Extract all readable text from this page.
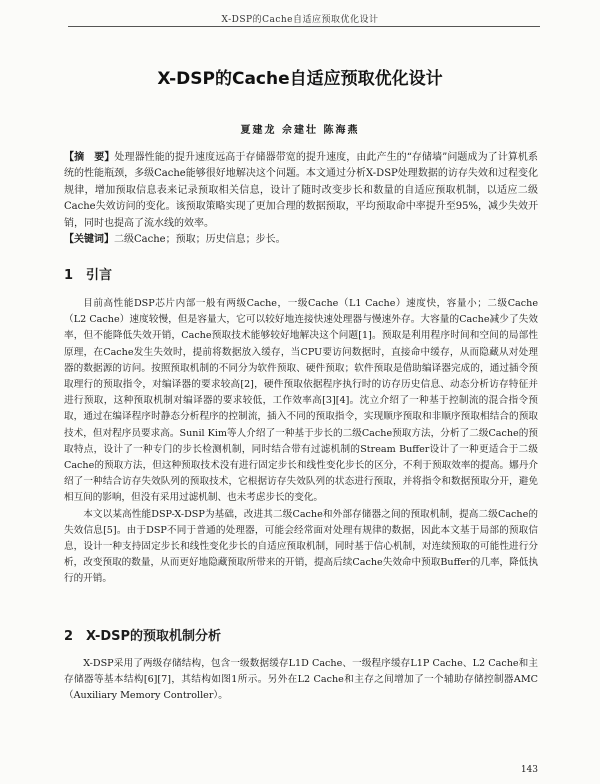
X-DSP的Cache自适应预取优化设计
X-DSP的Cache自适应预取优化设计
夏建龙 佘建壮 陈海燕
【摘　要】处理器性能的提升速度远高于存储器带宽的提升速度，由此产生的“存储墙”问题成为了计算机系统的性能瓶颈，多级Cache能够很好地解决这个问题。本文通过分析X-DSP处理数据的访存失效和过程变化规律，增加预取信息表来记录预取相关信息，设计了随时改变步长和数量的自适应预取机制，以适应二级Cache失效访问的变化。该预取策略实现了更加合理的数据预取，平均预取命中率提升至95%，减少失效开销，同时也提高了流水线的效率。
【关键词】二级Cache；预取；历史信息；步长。
1 引言

目前高性能DSP芯片内部一般有两级Cache，一级Cache（L1 Cache）速度快，容量小；二级Cache（L2 Cache）速度较慢，但是容量大，它可以较好地连接快速处理器与慢速外存。大容量的Cache减少了失效率，但不能降低失效开销，Cache预取技术能够较好地解决这个问题[1]。预取是利用程序时间和空间的局部性原理，在Cache发生失效时，提前将数据放入缓存，当CPU要访问数据时，直接命中缓存，从而隐藏从对处理器的数据源的访问。按照预取机制的不同分为软件预取、硬件预取；软件预取是借助编译器完成的，通过插令预取理行的预取指令，对编译器的要求较高[2]，硬件预取依据程序执行时的访存历史信息、动态分析访存特征并进行预取，这种预取机制对编译器的要求较低，工作效率高[3][4]。沈立介绍了一种基于控制流的混合指令预取，通过在编译程序时静态分析程序的控制流，插入不同的预取指令，实现顺序预取和非顺序预取相结合的预取技术，但对程序员要求高。Sunil Kim等人介绍了一种基于步长的二级Cache预取方法，分析了二级Cache的预取特点，设计了一种专门的步长检测机制，同时结合带有过滤机制的Stream Buffer设计了一种更适合于二级Cache的预取方法，但这种预取技术没有进行固定步长和线性变化步长的区分，不利于预取效率的提高。娜丹介绍了一种结合访存失效队列的预取技术，它根据访存失效队列的状态进行预取，并将指令和数据预取分开，避免相互间的影响，但没有采用过滤机制、也未考虑步长的变化。

本文以某高性能DSP-X-DSP为基础，改进其二级Cache和外部存储器之间的预取机制，提高二级Cache的失效信息[5]。由于DSP不同于普通的处理器，可能会经常面对处理有规律的数据，因此本文基于局部的预取信息，设计一种支持固定步长和线性变化步长的自适应预取机制，同时基于信心机制，对连续预取的可能性进行分析，改变预取的数量，从而更好地隐藏预取所带来的开销，提高后续Cache失效命中预取Buffer的几率，降低执行的开销。

2 X-DSP的预取机制分析

X-DSP采用了两级存储结构，包含一级数据缓存L1D Cache、一级程序缓存L1P Cache、L2 Cache和主存储器等基本结构[6][7]，其结构如图1所示。另外在L2 Cache和主存之间增加了一个辅助存储控制器AMC（Auxiliary Memory Controller）。

143
